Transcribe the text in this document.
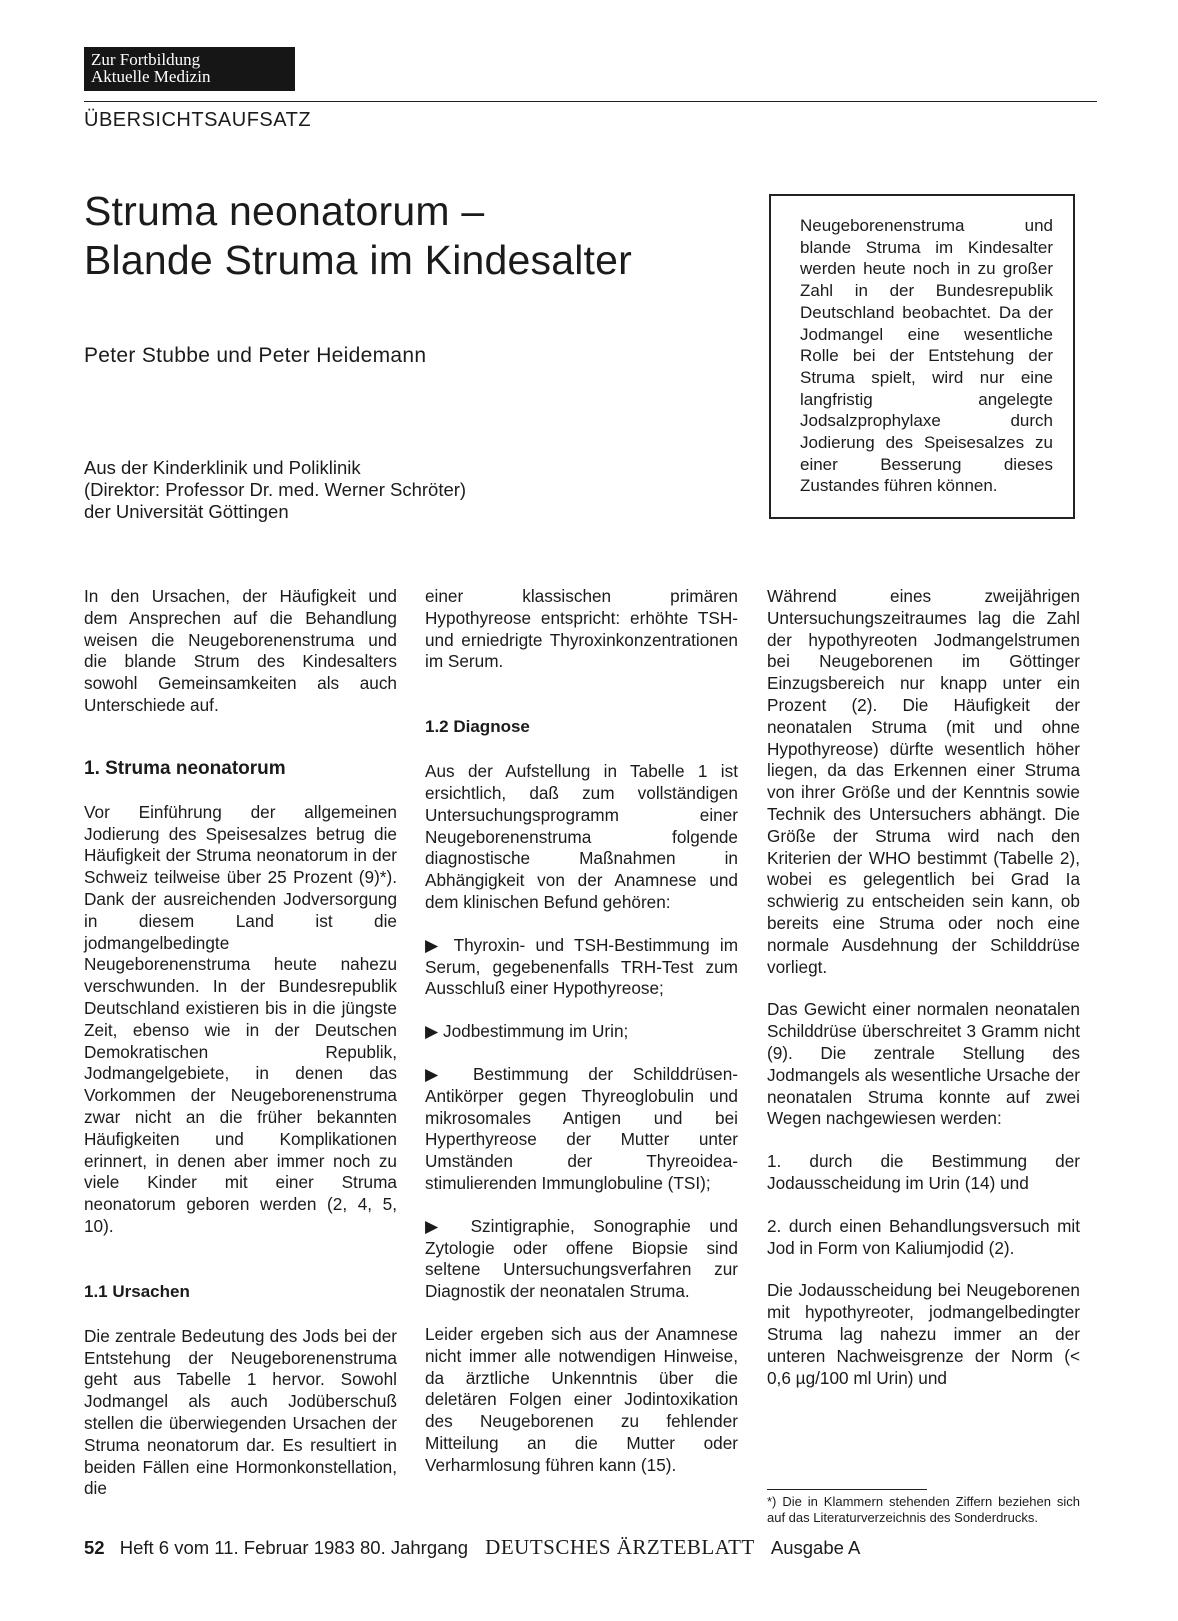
Zur Fortbildung
Aktuelle Medizin
ÜBERSICHTSAUFSATZ
Struma neonatorum –
Blande Struma im Kindesalter
Peter Stubbe und Peter Heidemann
Aus der Kinderklinik und Poliklinik
(Direktor: Professor Dr. med. Werner Schröter)
der Universität Göttingen
Neugeborenenstruma und blande Struma im Kindesalter werden heute noch in zu großer Zahl in der Bundesrepublik Deutschland beobachtet. Da der Jodmangel eine wesentliche Rolle bei der Entstehung der Struma spielt, wird nur eine langfristig angelegte Jodsalzprophylaxe durch Jodierung des Speisesalzes zu einer Besserung dieses Zustandes führen können.

In den Ursachen, der Häufigkeit und dem Ansprechen auf die Behandlung weisen die Neugeborenenstruma und die blande Strum des Kindesalters sowohl Gemeinsamkeiten als auch Unterschiede auf.

1. Struma neonatorum

Vor Einführung der allgemeinen Jodierung des Speisesalzes betrug die Häufigkeit der Struma neonatorum in der Schweiz teilweise über 25 Prozent (9)*). Dank der ausreichenden Jodversorgung in diesem Land ist die jodmangelbedingte Neugeborenenstruma heute nahezu verschwunden. In der Bundesrepublik Deutschland existieren bis in die jüngste Zeit, ebenso wie in der Deutschen Demokratischen Republik, Jodmangelgebiete, in denen das Vorkommen der Neugeborenenstruma zwar nicht an die früher bekannten Häufigkeiten und Komplikationen erinnert, in denen aber immer noch zu viele Kinder mit einer Struma neonatorum geboren werden (2, 4, 5, 10).

1.1 Ursachen

Die zentrale Bedeutung des Jods bei der Entstehung der Neugeborenenstruma geht aus Tabelle 1 hervor. Sowohl Jodmangel als auch Jodüberschuß stellen die überwiegenden Ursachen der Struma neonatorum dar. Es resultiert in beiden Fällen eine Hormonkonstellation, die

einer klassischen primären Hypothyreose entspricht: erhöhte TSH- und erniedrigte Thyroxinkonzentrationen im Serum.

1.2 Diagnose

Aus der Aufstellung in Tabelle 1 ist ersichtlich, daß zum vollständigen Untersuchungsprogramm einer Neugeborenenstruma folgende diagnostische Maßnahmen in Abhängigkeit von der Anamnese und dem klinischen Befund gehören:

▶ Thyroxin- und TSH-Bestimmung im Serum, gegebenenfalls TRH-Test zum Ausschluß einer Hypothyreose;

▶ Jodbestimmung im Urin;

▶ Bestimmung der Schilddrüsen-Antikörper gegen Thyreoglobulin und mikrosomales Antigen und bei Hyperthyreose der Mutter unter Umständen der Thyreoidea-stimulierenden Immunglobuline (TSI);

▶ Szintigraphie, Sonographie und Zytologie oder offene Biopsie sind seltene Untersuchungsverfahren zur Diagnostik der neonatalen Struma.

Leider ergeben sich aus der Anamnese nicht immer alle notwendigen Hinweise, da ärztliche Unkenntnis über die deletären Folgen einer Jodintoxikation des Neugeborenen zu fehlender Mitteilung an die Mutter oder Verharmlosung führen kann (15).

Während eines zweijährigen Untersuchungszeitraumes lag die Zahl der hypothyreoten Jodmangelstrumen bei Neugeborenen im Göttinger Einzugsbereich nur knapp unter ein Prozent (2). Die Häufigkeit der neonatalen Struma (mit und ohne Hypothyreose) dürfte wesentlich höher liegen, da das Erkennen einer Struma von ihrer Größe und der Kenntnis sowie Technik des Untersuchers abhängt. Die Größe der Struma wird nach den Kriterien der WHO bestimmt (Tabelle 2), wobei es gelegentlich bei Grad Ia schwierig zu entscheiden sein kann, ob bereits eine Struma oder noch eine normale Ausdehnung der Schilddrüse vorliegt.

Das Gewicht einer normalen neonatalen Schilddrüse überschreitet 3 Gramm nicht (9). Die zentrale Stellung des Jodmangels als wesentliche Ursache der neonatalen Struma konnte auf zwei Wegen nachgewiesen werden:

1. durch die Bestimmung der Jodausscheidung im Urin (14) und

2. durch einen Behandlungsversuch mit Jod in Form von Kaliumjodid (2).

Die Jodausscheidung bei Neugeborenen mit hypothyreoter, jodmangelbedingter Struma lag nahezu immer an der unteren Nachweisgrenze der Norm (< 0,6 µg/100 ml Urin) und

*) Die in Klammern stehenden Ziffern beziehen sich auf das Literaturverzeichnis des Sonderdrucks.
52 Heft 6 vom 11. Februar 1983 80. Jahrgang DEUTSCHES ÄRZTEBLATT Ausgabe A
